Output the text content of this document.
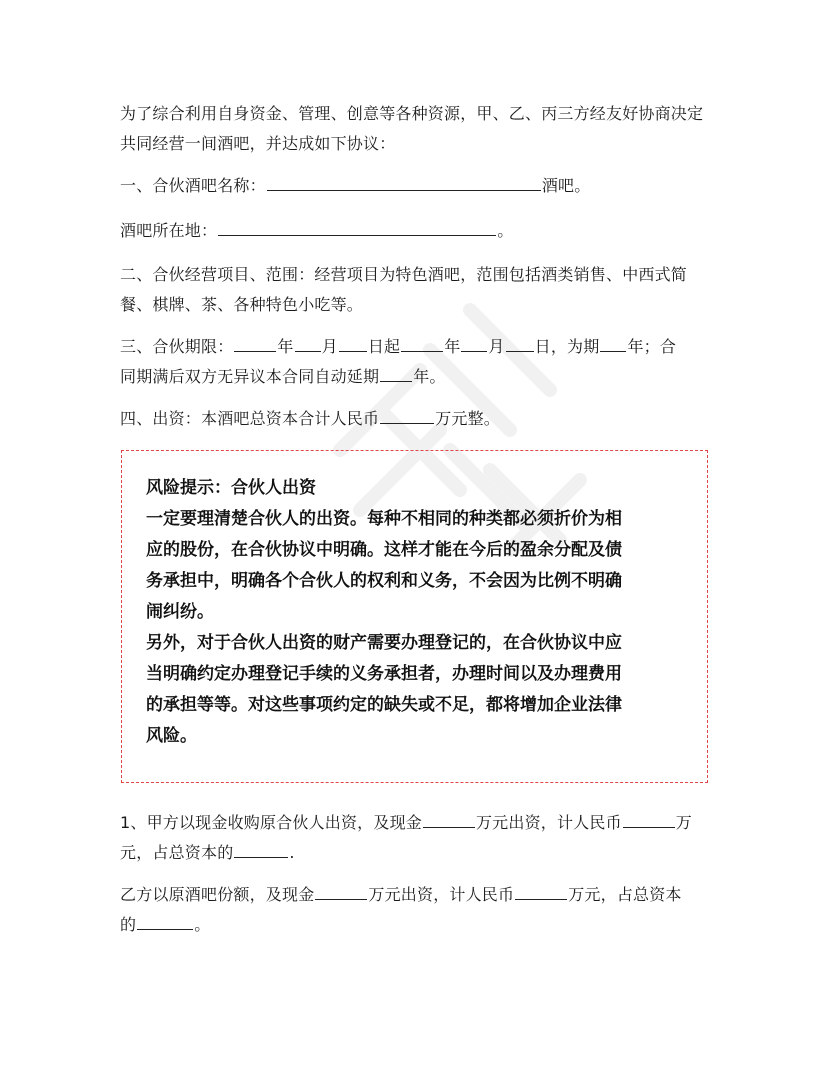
为了综合利用自身资金、管理、创意等各种资源，甲、乙、丙三方经友好协商决定
共同经营一间酒吧，并达成如下协议：

一、合伙酒吧名称：	酒吧。

酒吧所在地：	。

二、合伙经营项目、范围：经营项目为特色酒吧，范围包括酒类销售、中西式简
餐、棋牌、茶、各种特色小吃等。

三、合伙期限：	年 月 日起	年 月 日，为期 年；合
同期满后双方无异议本合同自动延期 年。

四、出资：本酒吧总资本合计人民币	万元整。

风险提示：合伙人出资
一定要理清楚合伙人的出资。每种不相同的种类都必须折价为相
应的股份，在合伙协议中明确。这样才能在今后的盈余分配及债
务承担中，明确各个合伙人的权利和义务，不会因为比例不明确
闹纠纷。
另外，对于合伙人出资的财产需要办理登记的，在合伙协议中应
当明确约定办理登记手续的义务承担者，办理时间以及办理费用
的承担等等。对这些事项约定的缺失或不足，都将增加企业法律
风险。

1、甲方以现金收购原合伙人出资，及现金	万元出资，计人民币	万
元，占总资本的	.

乙方以原酒吧份额，及现金	万元出资，计人民币	万元，占总资本
的	。
